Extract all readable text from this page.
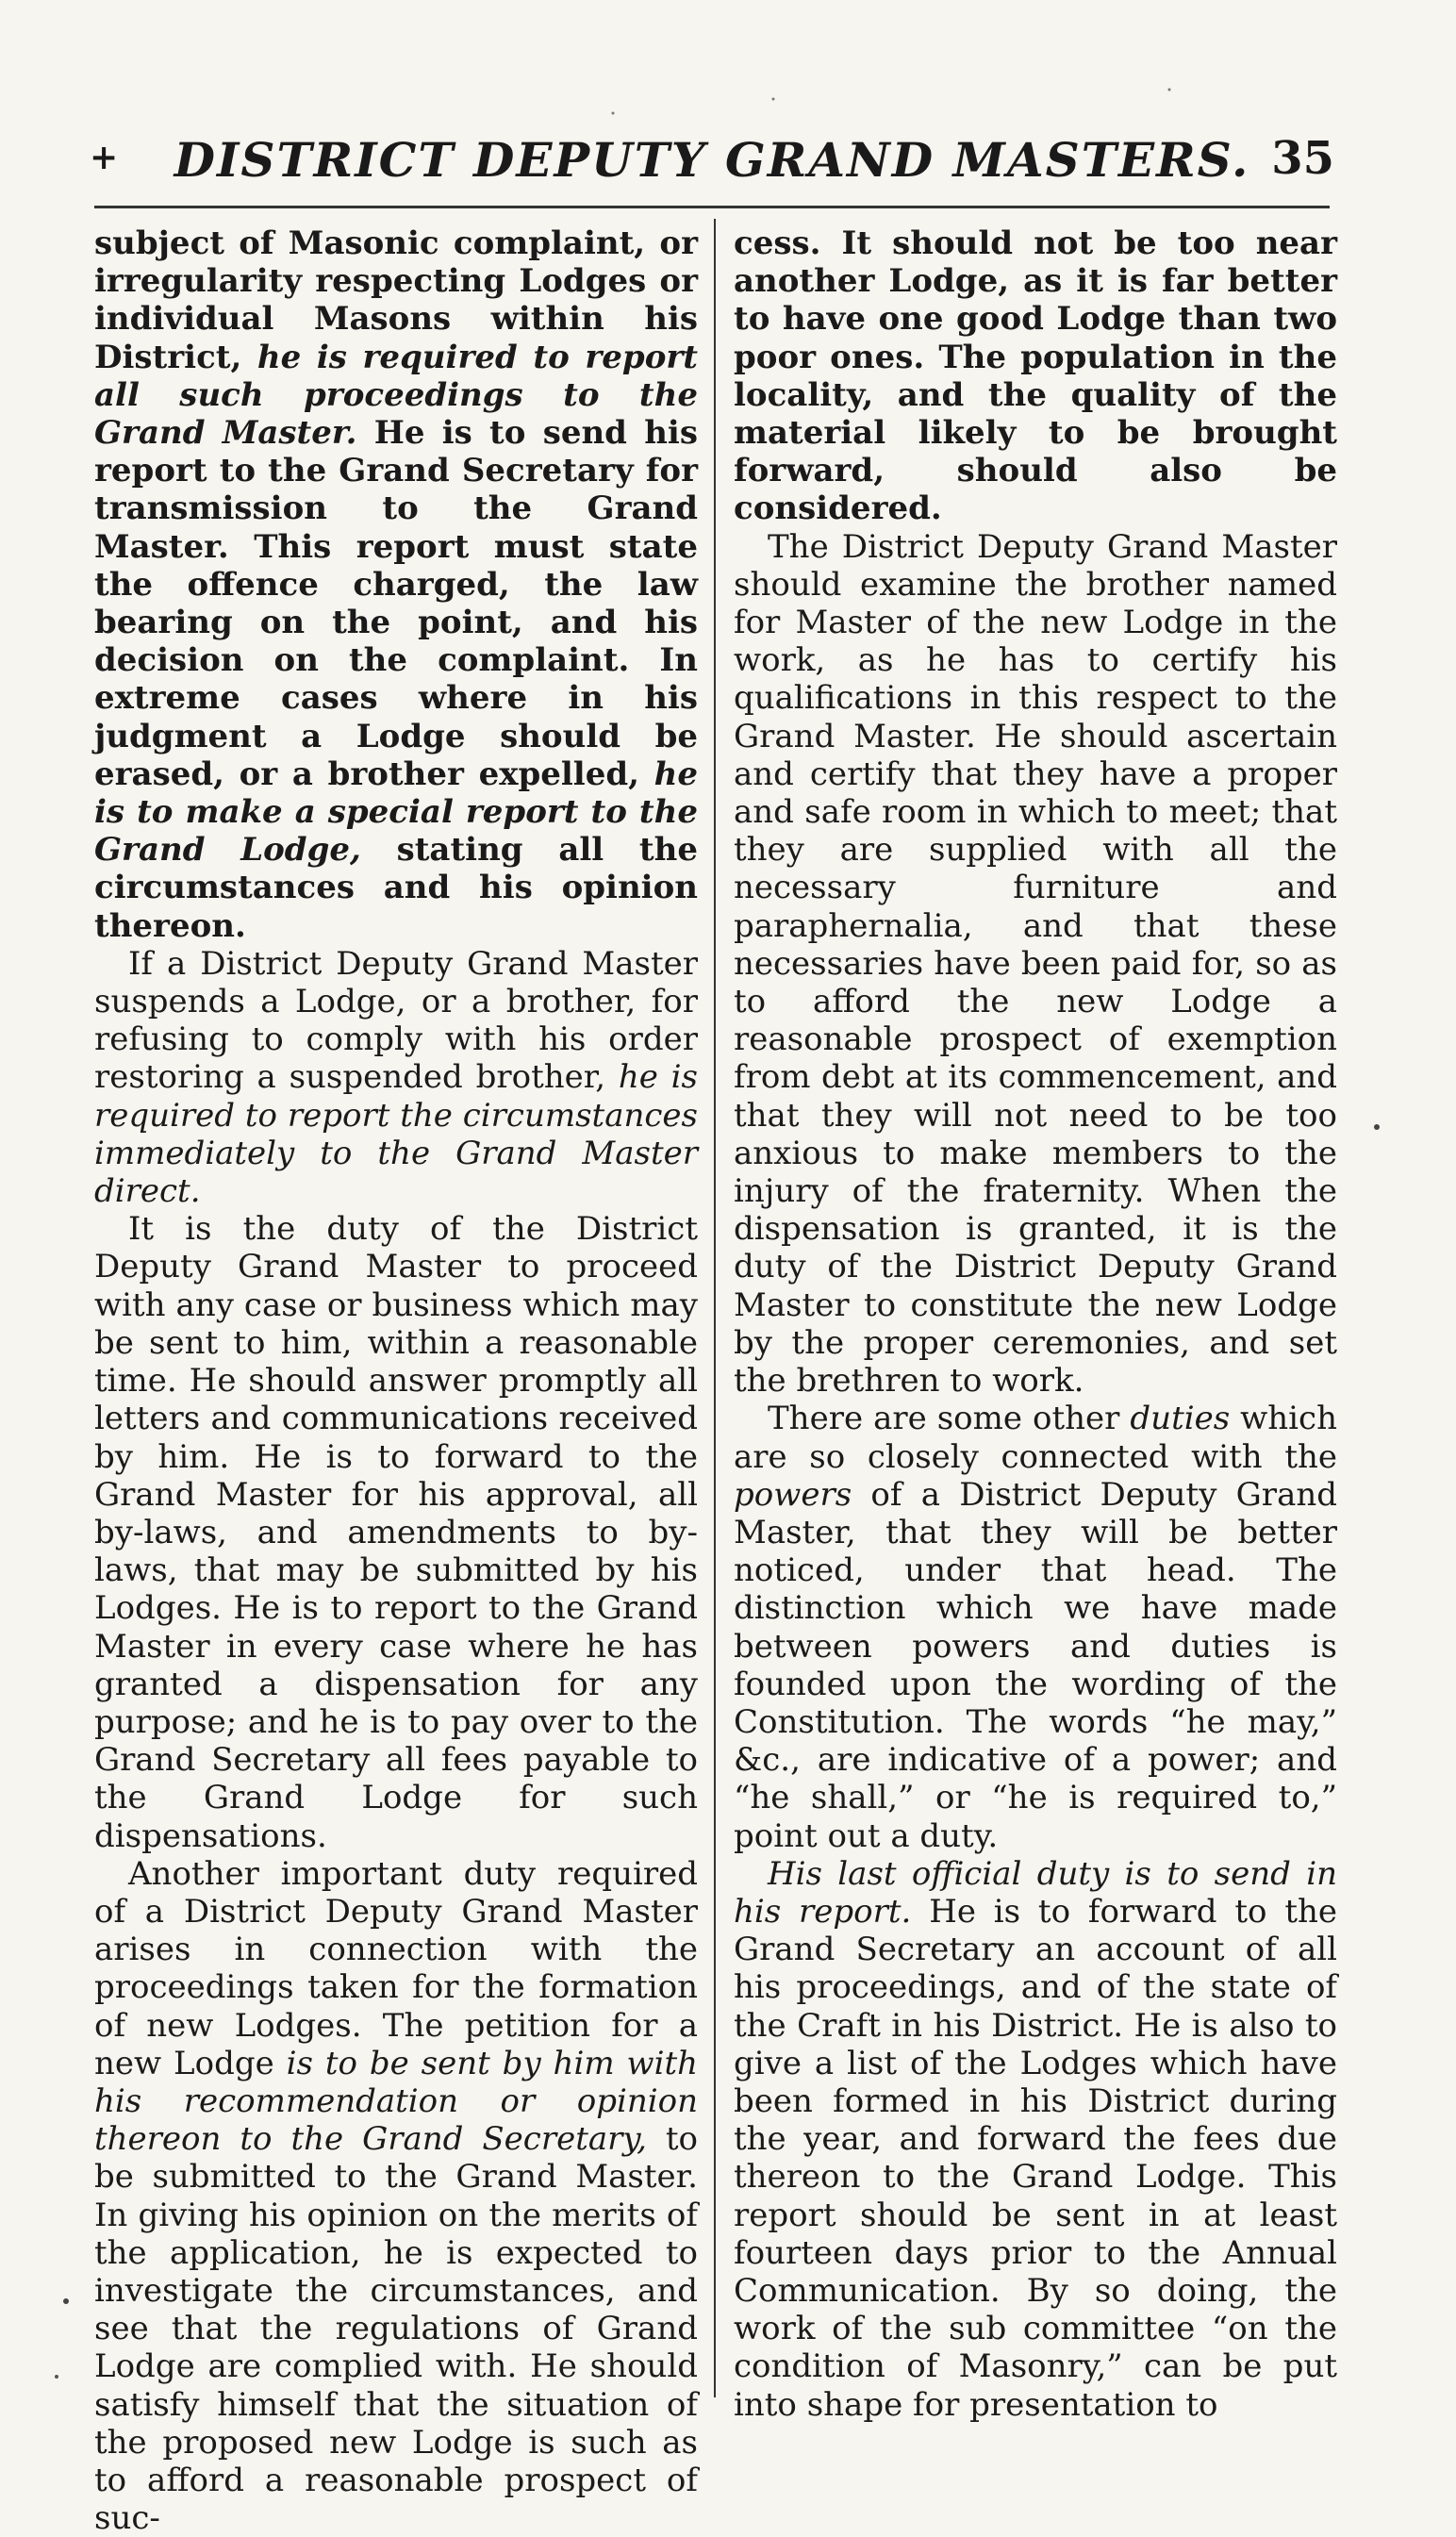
+	DISTRICT DEPUTY GRAND MASTERS. 35

subject of Masonic complaint, or irregularity respecting Lodges or individual Masons within his District, he is required to report all such proceedings to the Grand Master. He is to send his report to the Grand Secretary for transmission to the Grand Master. This report must state the offence charged, the law bearing on the point, and his decision on the complaint. In extreme cases where in his judgment a Lodge should be erased, or a brother expelled, he is to make a special report to the Grand Lodge, stating all the circumstances and his opinion thereon.

If a District Deputy Grand Master suspends a Lodge, or a brother, for refusing to comply with his order restoring a suspended brother, he is required to report the circumstances immediately to the Grand Master direct.

It is the duty of the District Deputy Grand Master to proceed with any case or business which may be sent to him, within a reasonable time. He should answer promptly all letters and communications received by him. He is to forward to the Grand Master for his approval, all by-laws, and amendments to by-laws, that may be submitted by his Lodges. He is to report to the Grand Master in every case where he has granted a dispensation for any purpose; and he is to pay over to the Grand Secretary all fees payable to the Grand Lodge for such dispensations.

Another important duty required of a District Deputy Grand Master arises in connection with the proceedings taken for the formation of new Lodges. The petition for a new Lodge is to be sent by him with his recommendation or opinion thereon to the Grand Secretary, to be submitted to the Grand Master. In giving his opinion on the merits of the application, he is expected to investigate the circumstances, and see that the regulations of Grand Lodge are complied with. He should satisfy himself that the situation of the proposed new Lodge is such as to afford a reasonable prospect of suc-

cess. It should not be too near another Lodge, as it is far better to have one good Lodge than two poor ones. The population in the locality, and the quality of the material likely to be brought forward, should also be considered.

The District Deputy Grand Master should examine the brother named for Master of the new Lodge in the work, as he has to certify his qualifications in this respect to the Grand Master. He should ascertain and certify that they have a proper and safe room in which to meet; that they are supplied with all the necessary furniture and paraphernalia, and that these necessaries have been paid for, so as to afford the new Lodge a reasonable prospect of exemption from debt at its commencement, and that they will not need to be too anxious to make members to the injury of the fraternity. When the dispensation is granted, it is the duty of the District Deputy Grand Master to constitute the new Lodge by the proper ceremonies, and set the brethren to work.

There are some other duties which are so closely connected with the powers of a District Deputy Grand Master, that they will be better noticed, under that head. The distinction which we have made between powers and duties is founded upon the wording of the Constitution. The words “he may,” &c., are indicative of a power; and “he shall,” or “he is required to,” point out a duty.

His last official duty is to send in his report. He is to forward to the Grand Secretary an account of all his proceedings, and of the state of the Craft in his District. He is also to give a list of the Lodges which have been formed in his District during the year, and forward the fees due thereon to the Grand Lodge. This report should be sent in at least fourteen days prior to the Annual Communication. By so doing, the work of the sub committee “on the condition of Masonry,” can be put into shape for presentation to
